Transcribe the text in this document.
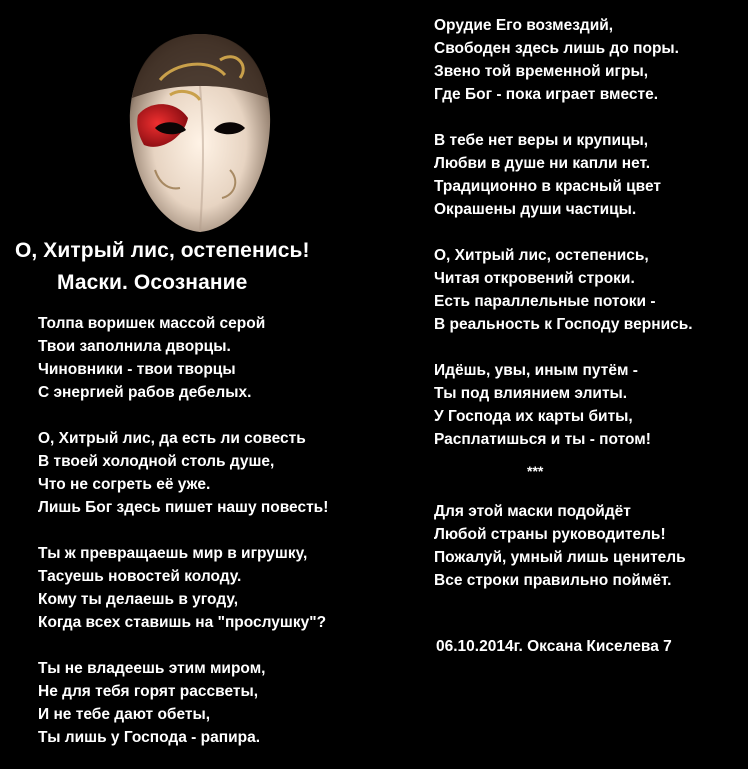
О, Хитрый лис, остепенись!
Маски. Осознание
Толпа воришек массой серой
Твои заполнила дворцы.
Чиновники - твои творцы
С энергией рабов дебелых.
О, Хитрый лис, да есть ли совесть
В твоей холодной столь душе,
Что не согреть её уже.
Лишь Бог здесь пишет нашу повесть!
Ты ж превращаешь мир в игрушку,
Тасуешь новостей колоду.
Кому ты делаешь в угоду,
Когда всех ставишь на "прослушку"?
Ты не владеешь этим миром,
Не для тебя горят рассветы,
И не тебе дают обеты,
Ты лишь у Господа - рапира.
Орудие Его возмездий,
Свободен здесь лишь до поры.
Звено той временной игры,
Где Бог - пока играет вместе.
В тебе нет веры и крупицы,
Любви в душе ни капли нет.
Традиционно в красный цвет
Окрашены души частицы.
О, Хитрый лис, остепенись,
Читая откровений строки.
Есть параллельные потоки -
В реальность к Господу вернись.
Идёшь, увы, иным путём -
Ты под влиянием элиты.
У Господа их карты биты,
Расплатишься и ты - потом!
***
Для этой маски подойдёт
Любой страны руководитель!
Пожалуй, умный лишь ценитель
Все строки правильно поймёт.
06.10.2014г. Оксана Киселева 7
